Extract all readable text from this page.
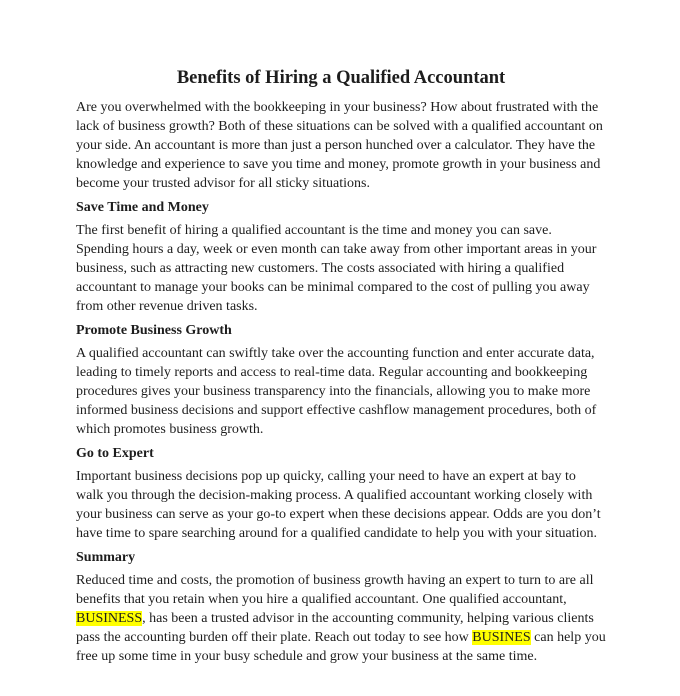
Benefits of Hiring a Qualified Accountant

Are you overwhelmed with the bookkeeping in your business? How about frustrated with the lack of business growth? Both of these situations can be solved with a qualified accountant on your side. An accountant is more than just a person hunched over a calculator. They have the knowledge and experience to save you time and money, promote growth in your business and become your trusted advisor for all sticky situations.

Save Time and Money

The first benefit of hiring a qualified accountant is the time and money you can save. Spending hours a day, week or even month can take away from other important areas in your business, such as attracting new customers. The costs associated with hiring a qualified accountant to manage your books can be minimal compared to the cost of pulling you away from other revenue driven tasks.

Promote Business Growth

A qualified accountant can swiftly take over the accounting function and enter accurate data, leading to timely reports and access to real-time data. Regular accounting and bookkeeping procedures gives your business transparency into the financials, allowing you to make more informed business decisions and support effective cashflow management procedures, both of which promotes business growth.

Go to Expert

Important business decisions pop up quicky, calling your need to have an expert at bay to walk you through the decision-making process. A qualified accountant working closely with your business can serve as your go-to expert when these decisions appear. Odds are you don’t have time to spare searching around for a qualified candidate to help you with your situation.

Summary

Reduced time and costs, the promotion of business growth having an expert to turn to are all benefits that you retain when you hire a qualified accountant. One qualified accountant, BUSINESS, has been a trusted advisor in the accounting community, helping various clients pass the accounting burden off their plate. Reach out today to see how BUSINES can help you free up some time in your busy schedule and grow your business at the same time.
